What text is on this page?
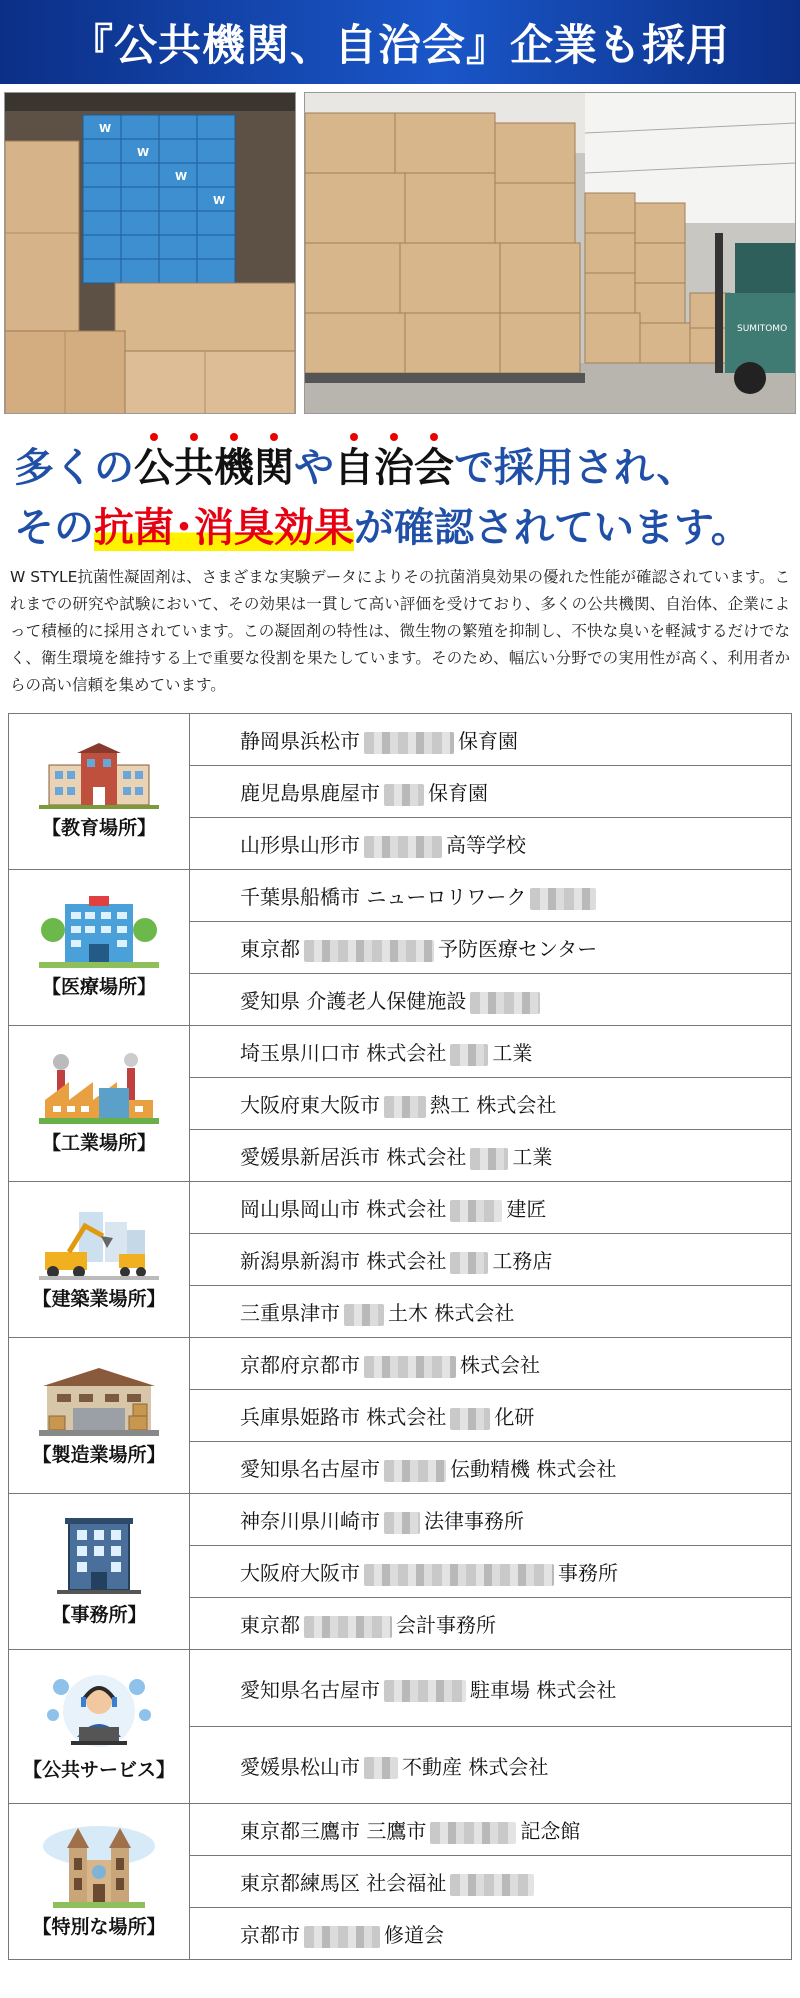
『公共機関、自治会』企業も採用
W
W
W
W
SUMITOMO
多くの
公共機関や
自治会で採用され、
その抗菌･消臭効果が確認されています。
W STYLE抗菌性凝固剤は、さまざまな実験データによりその抗菌消臭効果の優れた性能が確認されています。これまでの研究や試験において、その効果は一貫して高い評価を受けており、多くの公共機関、自治体、企業によって積極的に採用されています。この凝固剤の特性は、微生物の繁殖を抑制し、不快な臭いを軽減するだけでなく、衛生環境を維持する上で重要な役割を果たしています。そのため、幅広い分野での実用性が高く、利用者からの高い信頼を集めています。
【教育場所】	静岡県浜松市 保育園
	鹿児島県鹿屋市 保育園
	山形県山形市 高等学校

【医療場所】	千葉県船橋市 ニューロリワーク
	東京都 予防医療センター
	愛知県 介護老人保健施設

【工業場所】	埼玉県川口市 株式会社 工業
	大阪府東大阪市 熱工 株式会社
	愛媛県新居浜市 株式会社 工業

【建築業場所】	岡山県岡山市 株式会社 建匠
	新潟県新潟市 株式会社 工務店
	三重県津市 土木 株式会社

【製造業場所】	京都府京都市 株式会社
	兵庫県姫路市 株式会社 化研
	愛知県名古屋市 伝動精機 株式会社

【事務所】	神奈川県川崎市 法律事務所
	大阪府大阪市 事務所
	東京都 会計事務所

【公共サービス】	愛知県名古屋市 駐車場 株式会社
	愛媛県松山市 不動産 株式会社

【特別な場所】	東京都三鷹市 三鷹市 記念館
	東京都練馬区 社会福祉
	京都市 修道会
